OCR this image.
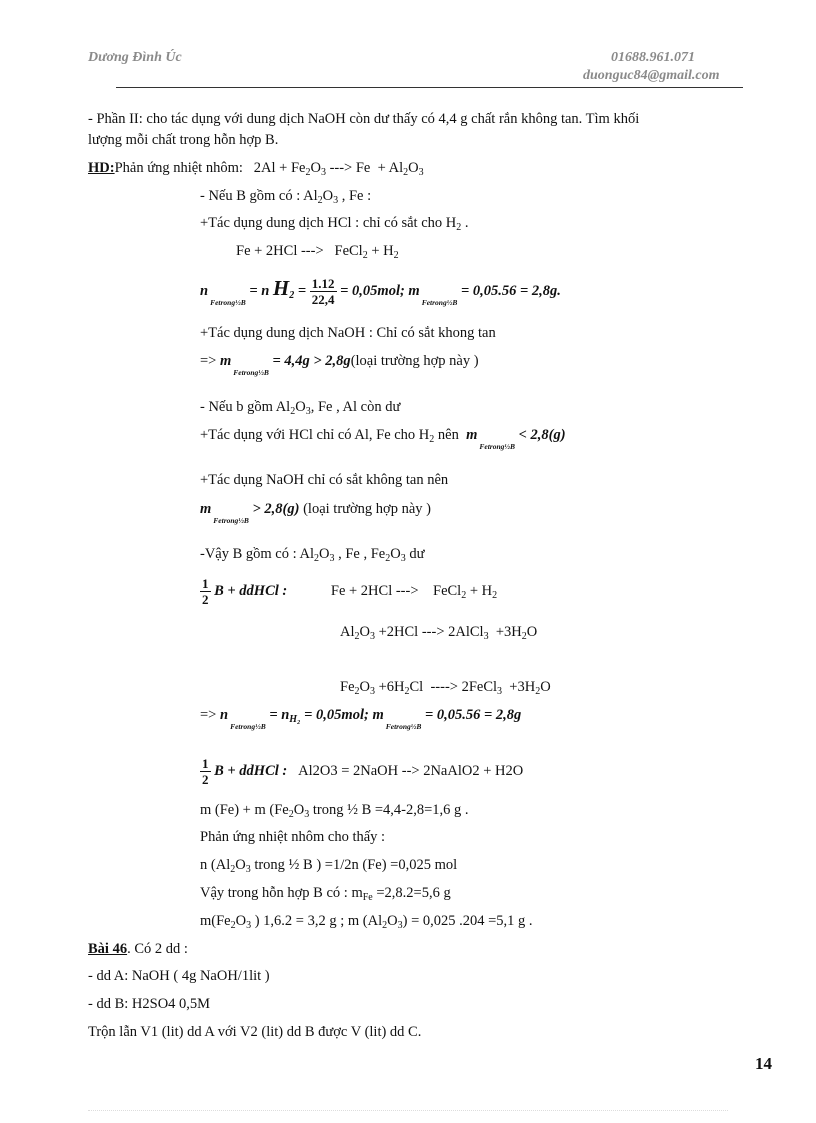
Dương Đình Úc	01688.961.071
duonguc84@gmail.com
- Phần II: cho tác dụng với dung dịch NaOH còn dư thấy có 4,4 g chất rắn không tan. Tìm khối
lượng mỗi chất trong hỗn hợp B.
HD:Phản ứng nhiệt nhôm: $2Al + Fe_2O_3$ ---> $Fe + Al_2O_3$
- Nếu B gồm có : $Al_2O_3$ , Fe :
+Tác dụng dung dịch HCl : chỉ có sắt cho $H_2$ .
Fe + 2HCl --->   FeCl$_2$ + $H_2$
nFetrong½B = n $H_2 = \frac{1.12}{22,4} = 0,05mol$; mFetrong½B = 0,05.56 = 2,8g.
+Tác dụng dung dịch NaOH : Chỉ có sắt khong tan
=> mFetrong½B = 4,4g > 2,8g(loại trường hợp này )
- Nếu b gồm $Al_2O_3$, Fe , Al còn dư
+Tác dụng với HCl chỉ có Al, Fe cho $H_2$ nên mFetrong½B < 2,8(g)
+Tác dụng NaOH chỉ có sắt không tan nên
mFetrong½B > 2,8(g) (loại trường hợp này )
-Vậy B gồm có : $Al_2O_3$ , Fe , $Fe_2O_3$ dư
$\frac{1}{2}$ B + ddHCl :	Fe + 2HCl --->    FeCl$_2$ + $H_2$
$Al_2O_3 +2HCl$ ---> 2AlCl$_3$  $+3H_2O$
$Fe_2O_3 +6H_2Cl$  ----> 2FeCl$_3$  $+3H_2O$
=> nFetrong½B = $n_{H_2} = 0,05mol$; mFetrong½B = 0,05.56 = 2,8g
$\frac{1}{2}$ B + ddHCl : Al2O3 = 2NaOH --> 2NaAlO2 + H2O
m (Fe) + m ($Fe_2O_3$ trong ½ B =4,4-2,8=1,6 g .
Phản ứng nhiệt nhôm cho thấy :
n ($Al_2O_3$ trong ½ B ) =1/2n (Fe) =0,025 mol
Vậy trong hỗn hợp B có : $m_{Fe} =2,8.2=5,6$ g
$m(Fe_2O_3$ ) 1,6.2 = 3,2 g ; m $(Al_2O_3) = 0,025$ .204 =5,1 g .
Bài 46. Có 2 dd :
- dd A: NaOH ( 4g NaOH/1lit )
- dd B: H2SO4 0,5M
Trộn lẫn V1 (lit) dd A với V2 (lit) dd B được V (lit) dd C.
14
